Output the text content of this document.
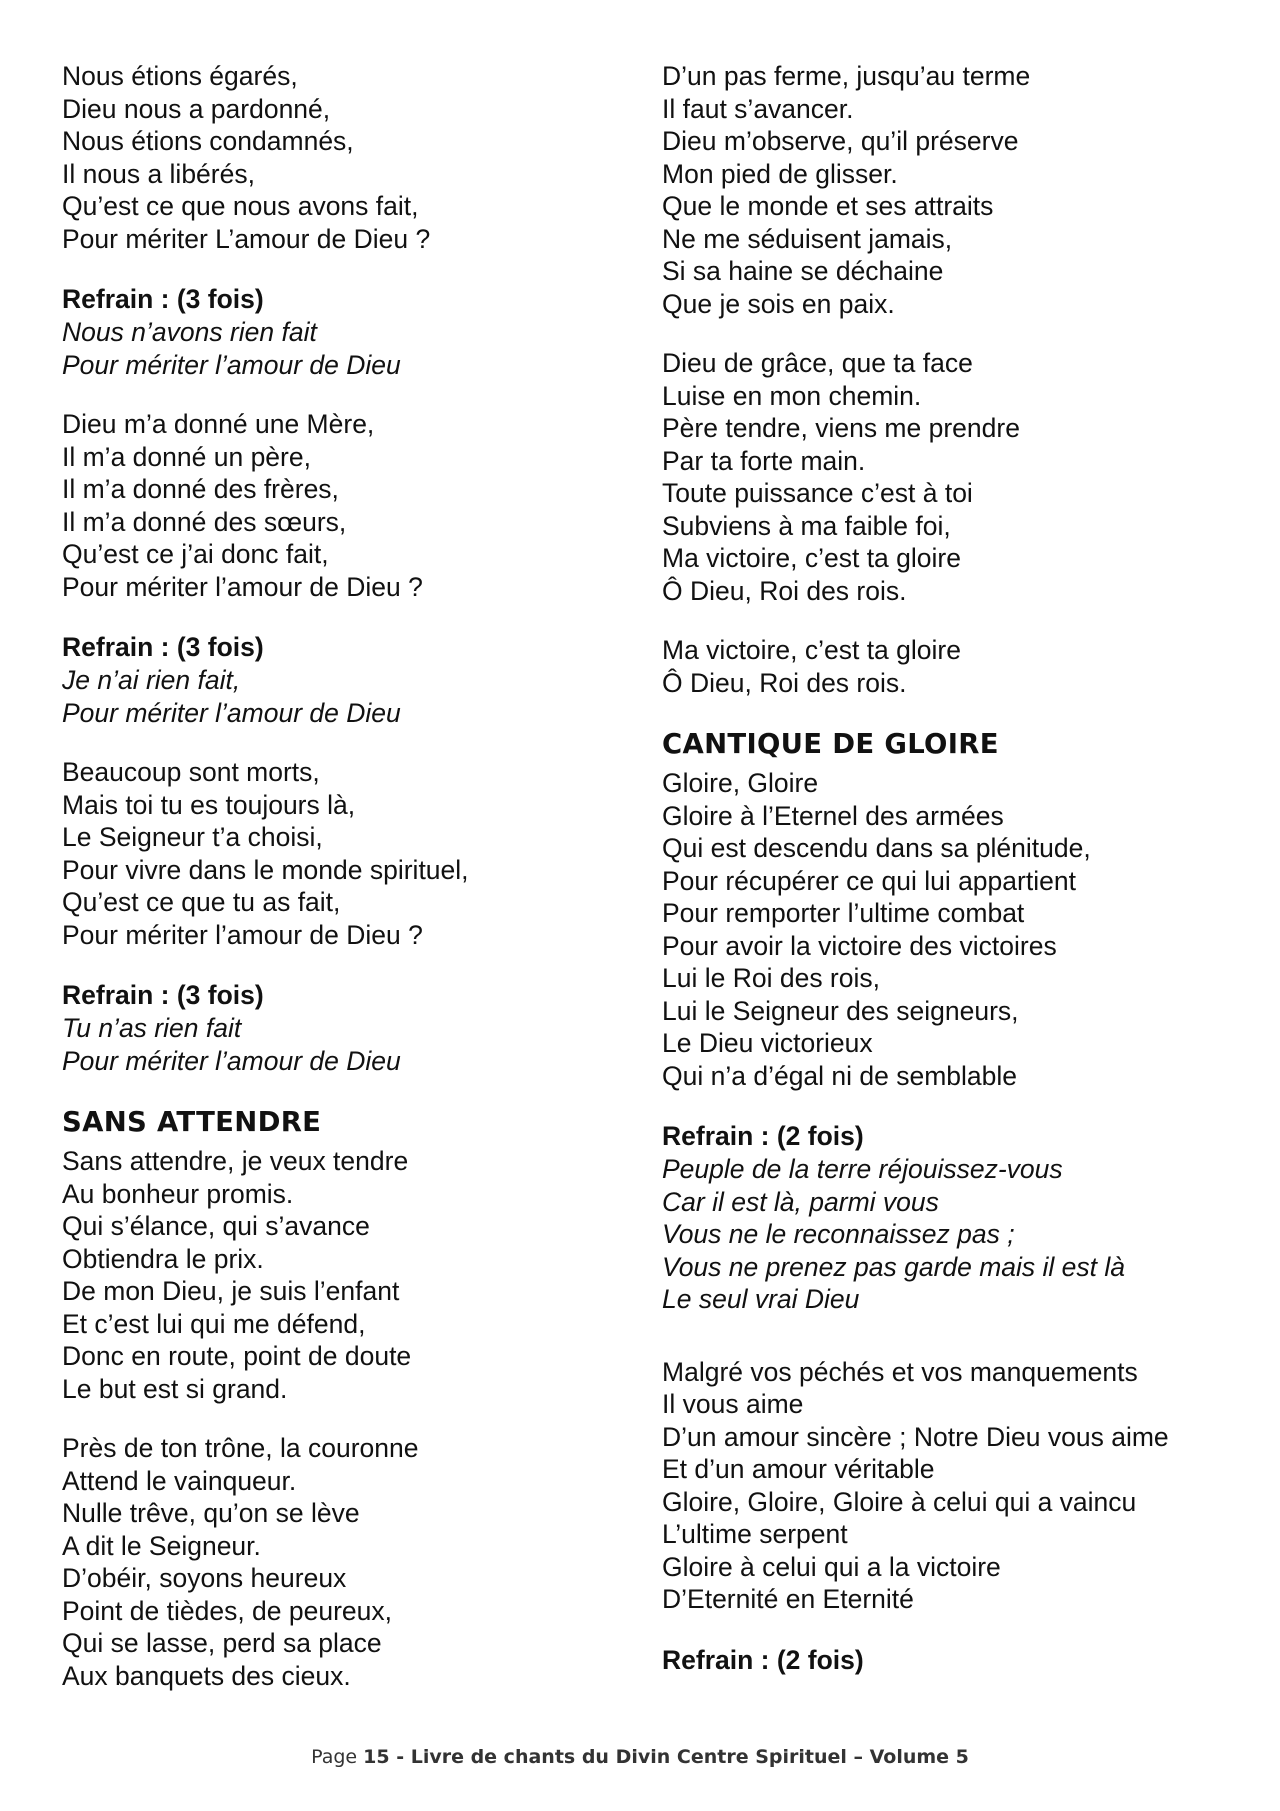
Nous étions égarés,
Dieu nous a pardonné,
Nous étions condamnés,
Il nous a libérés,
Qu’est ce que nous avons fait,
Pour mériter L’amour de Dieu ?
Refrain : (3 fois)
Nous n’avons rien fait
Pour mériter l’amour de Dieu
Dieu m’a donné une Mère,
Il m’a donné un père,
Il m’a donné des frères,
Il m’a donné des sœurs,
Qu’est ce j’ai donc fait,
Pour mériter l’amour de Dieu ?
Refrain : (3 fois)
Je n’ai rien fait,
Pour mériter l’amour de Dieu
Beaucoup sont morts,
Mais toi tu es toujours là,
Le Seigneur t’a choisi,
Pour vivre dans le monde spirituel,
Qu’est ce que tu as fait,
Pour mériter l’amour de Dieu ?
Refrain : (3 fois)
Tu n’as rien fait
Pour mériter l’amour de Dieu
SANS ATTENDRE
Sans attendre, je veux tendre
Au bonheur promis.
Qui s’élance, qui s’avance
Obtiendra le prix.
De mon Dieu, je suis l’enfant
Et c’est lui qui me défend,
Donc en route, point de doute
Le but est si grand.
Près de ton trône, la couronne
Attend le vainqueur.
Nulle trêve, qu’on se lève
A dit le Seigneur.
D’obéir, soyons heureux
Point de tièdes, de peureux,
Qui se lasse, perd sa place
Aux banquets des cieux.
D’un pas ferme, jusqu’au terme
Il faut s’avancer.
Dieu m’observe, qu’il préserve
Mon pied de glisser.
Que le monde et ses attraits
Ne me séduisent jamais,
Si sa haine se déchaine
Que je sois en paix.
Dieu de grâce, que ta face
Luise en mon chemin.
Père tendre, viens me prendre
Par ta forte main.
Toute puissance c’est à toi
Subviens à ma faible foi,
Ma victoire, c’est ta gloire
Ô Dieu, Roi des rois.
Ma victoire, c’est ta gloire
Ô Dieu, Roi des rois.
CANTIQUE DE GLOIRE
Gloire, Gloire
Gloire à l’Eternel des armées
Qui est descendu dans sa plénitude,
Pour récupérer ce qui lui appartient
Pour remporter l’ultime combat
Pour avoir la victoire des victoires
Lui le Roi des rois,
Lui le Seigneur des seigneurs,
Le Dieu victorieux
Qui n’a d’égal ni de semblable
Refrain : (2 fois)
Peuple de la terre réjouissez-vous
Car il est là, parmi vous
Vous ne le reconnaissez pas ;
Vous ne prenez pas garde mais il est là
Le seul vrai Dieu
Malgré vos péchés et vos manquements
Il vous aime
D’un amour sincère ; Notre Dieu vous aime
Et d’un amour véritable
Gloire, Gloire, Gloire à celui qui a vaincu
L’ultime serpent
Gloire à celui qui a la victoire
D’Eternité en Eternité
Refrain : (2 fois)
Page 15 - Livre de chants du Divin Centre Spirituel – Volume 5
